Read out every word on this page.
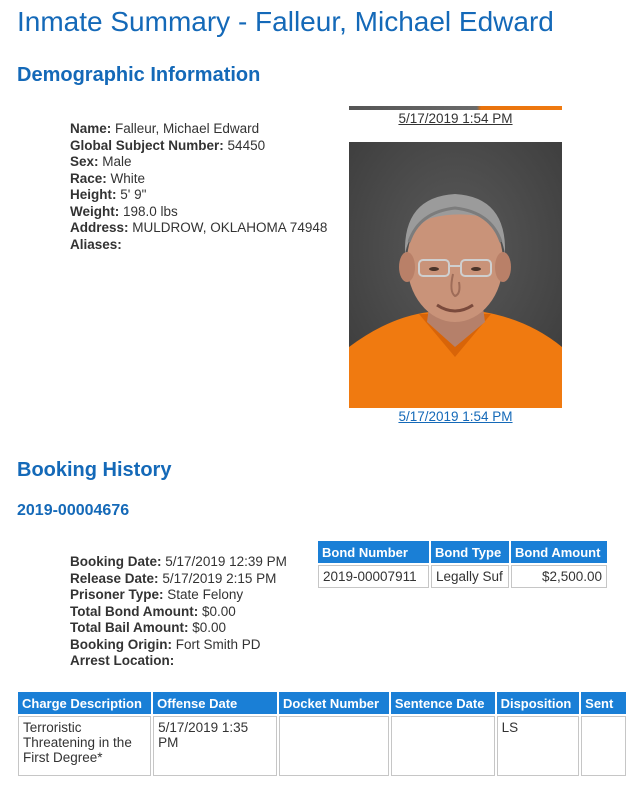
Inmate Summary - Falleur, Michael Edward
Demographic Information
Name: Falleur, Michael Edward
Global Subject Number: 54450
Sex: Male
Race: White
Height: 5' 9"
Weight: 198.0 lbs
Address: MULDROW, OKLAHOMA 74948
Aliases:
5/17/2019 1:54 PM
5/17/2019 1:54 PM
Booking History
2019-00004676
Booking Date: 5/17/2019 12:39 PM
Release Date: 5/17/2019 2:15 PM
Prisoner Type: State Felony
Total Bond Amount: $0.00
Total Bail Amount: $0.00
Booking Origin: Fort Smith PD
Arrest Location:
Bond Number	Bond Type	Bond Amount
2019-00007911	Legally Suf	$2,500.00
Charge Description	Offense Date	Docket Number	Sentence Date	Disposition	Sent
Terroristic Threatening in the First Degree*	5/17/2019 1:35 PM			LS	
